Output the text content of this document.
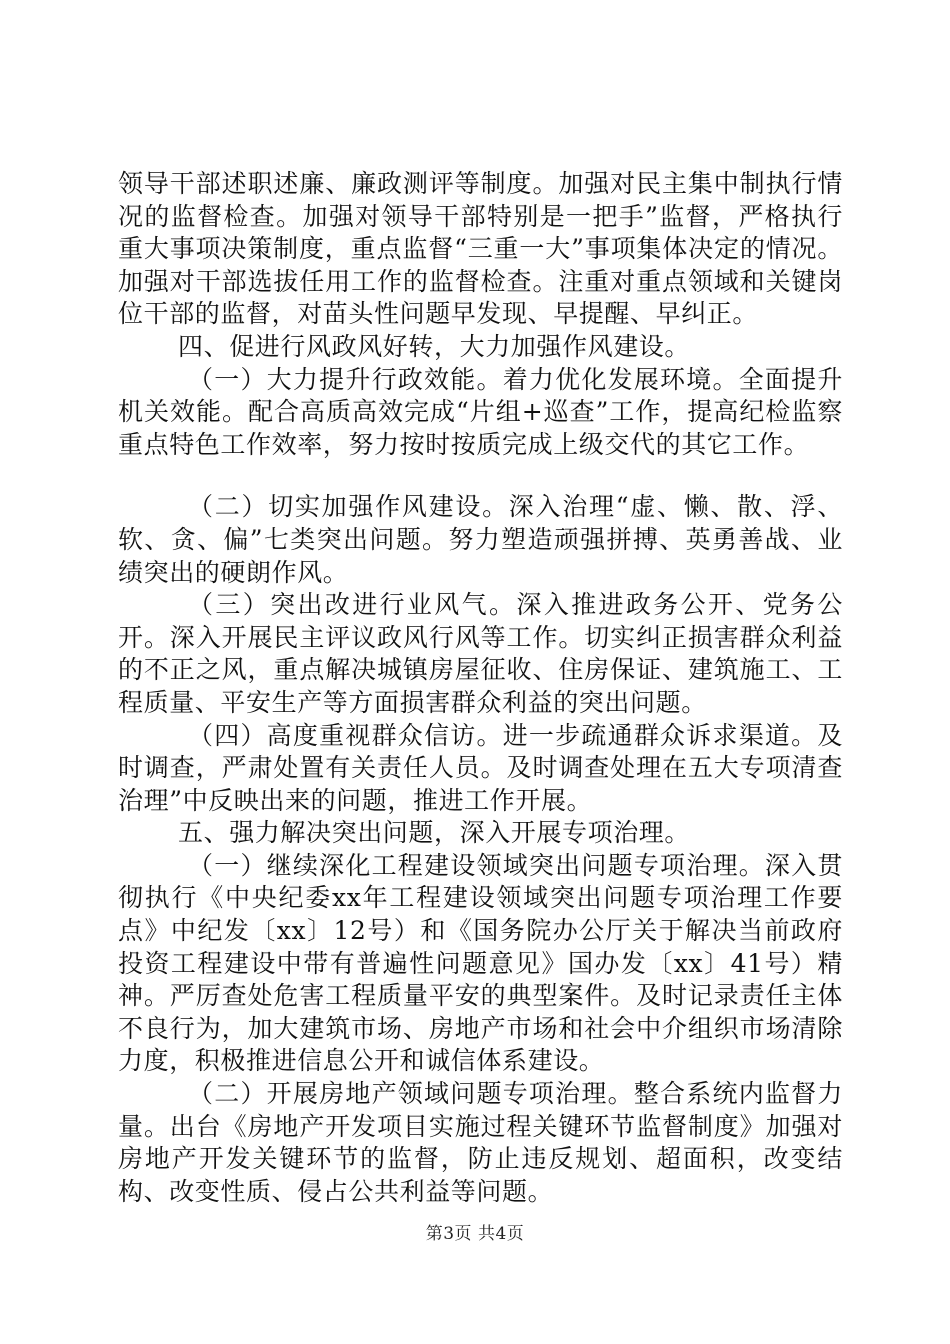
领导干部述职述廉、廉政测评等制度。加强对民主集中制执行情况的监督检查。加强对领导干部特别是一把手”监督，严格执行重大事项决策制度，重点监督“三重一大”事项集体决定的情况。加强对干部选拔任用工作的监督检查。注重对重点领域和关键岗位干部的监督，对苗头性问题早发现、早提醒、早纠正。

四、促进行风政风好转，大力加强作风建设。

（一）大力提升行政效能。着力优化发展环境。全面提升机关效能。配合高质高效完成“片组+巡查”工作，提高纪检监察重点特色工作效率，努力按时按质完成上级交代的其它工作。

（二）切实加强作风建设。深入治理“虚、懒、散、浮、软、贪、偏”七类突出问题。努力塑造顽强拼搏、英勇善战、业绩突出的硬朗作风。

（三）突出改进行业风气。深入推进政务公开、党务公开。深入开展民主评议政风行风等工作。切实纠正损害群众利益的不正之风，重点解决城镇房屋征收、住房保证、建筑施工、工程质量、平安生产等方面损害群众利益的突出问题。

（四）高度重视群众信访。进一步疏通群众诉求渠道。及时调查，严肃处置有关责任人员。及时调查处理在五大专项清查治理”中反映出来的问题，推进工作开展。

五、强力解决突出问题，深入开展专项治理。

（一）继续深化工程建设领域突出问题专项治理。深入贯彻执行《中央纪委xx年工程建设领域突出问题专项治理工作要点》中纪发〔xx〕12号）和《国务院办公厅关于解决当前政府投资工程建设中带有普遍性问题意见》国办发〔xx〕41号）精神。严厉查处危害工程质量平安的典型案件。及时记录责任主体不良行为，加大建筑市场、房地产市场和社会中介组织市场清除力度，积极推进信息公开和诚信体系建设。

（二）开展房地产领域问题专项治理。整合系统内监督力量。出台《房地产开发项目实施过程关键环节监督制度》加强对房地产开发关键环节的监督，防止违反规划、超面积，改变结构、改变性质、侵占公共利益等问题。

第3页 共4页
